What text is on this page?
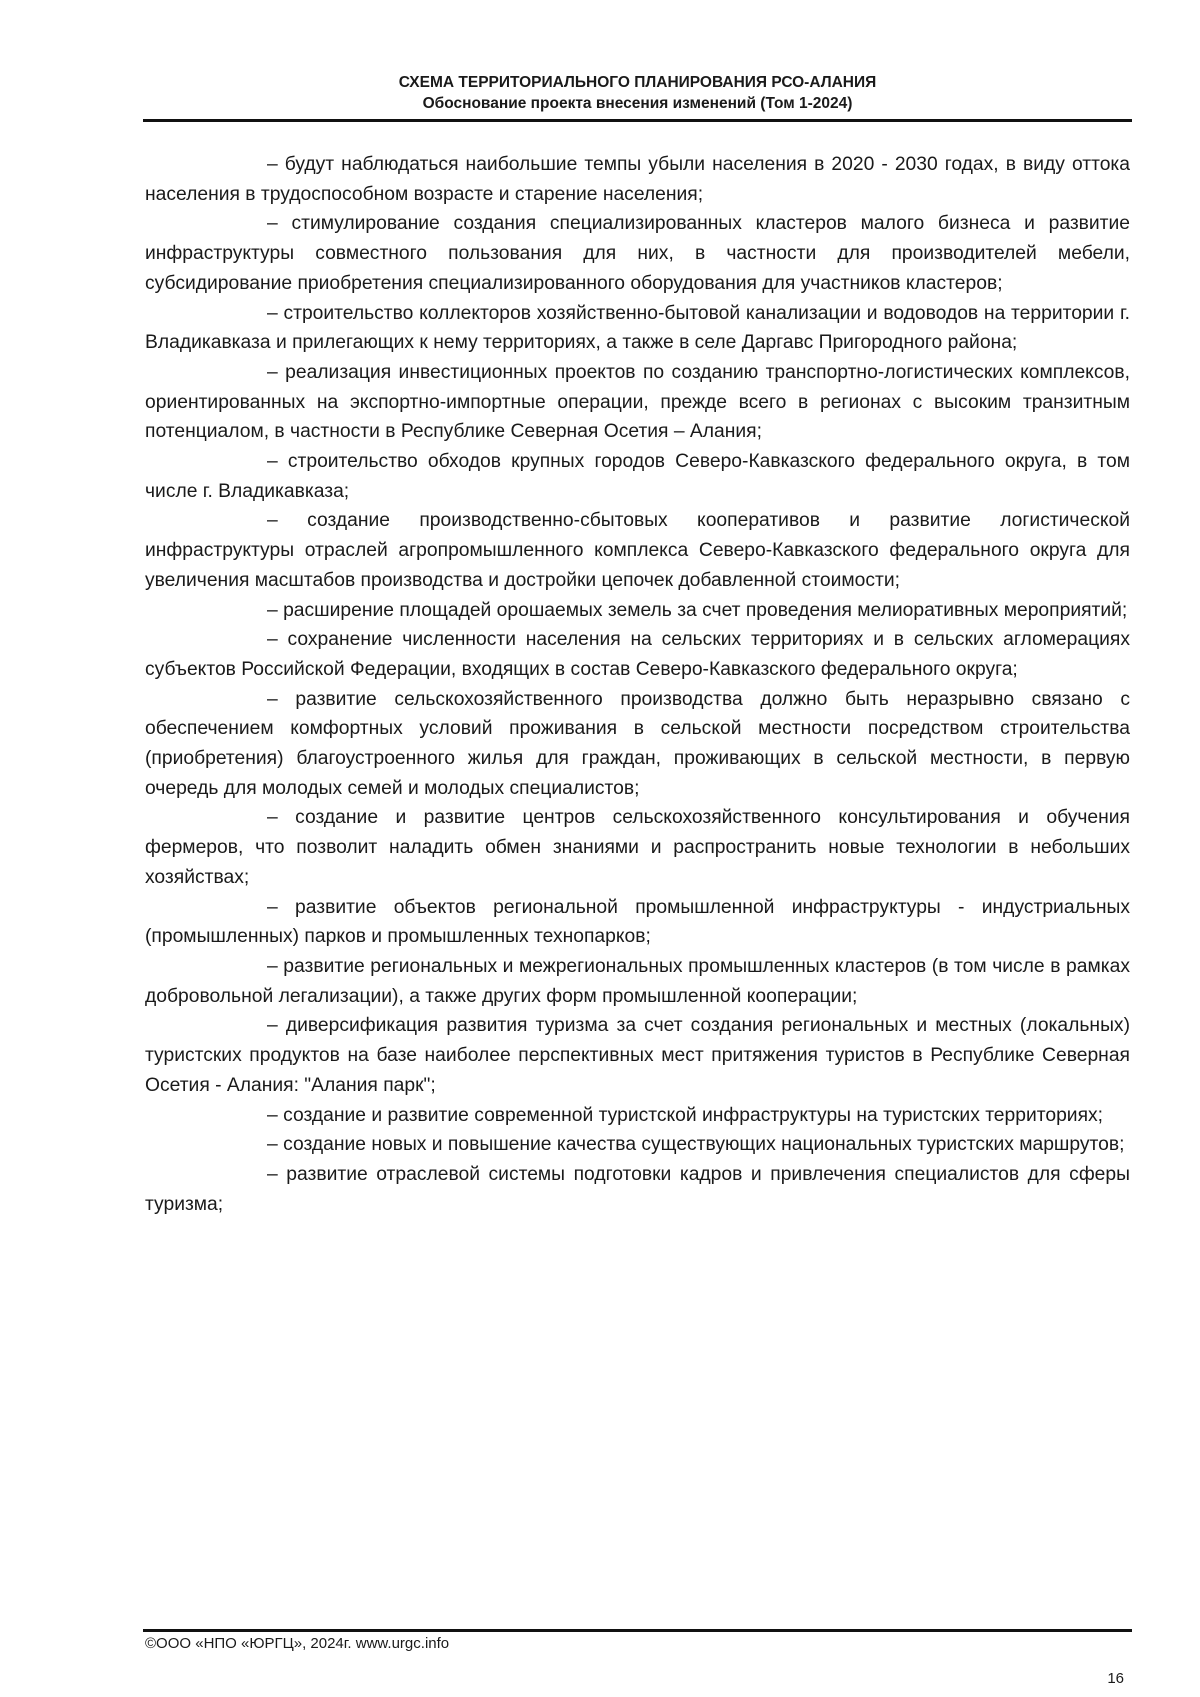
СХЕМА ТЕРРИТОРИАЛЬНОГО ПЛАНИРОВАНИЯ РСО-АЛАНИЯ
Обоснование проекта внесения изменений (Том 1-2024)

– будут наблюдаться наибольшие темпы убыли населения в 2020 - 2030 годах, в виду оттока населения в трудоспособном возрасте и старение населения;

– стимулирование создания специализированных кластеров малого бизнеса и развитие инфраструктуры совместного пользования для них, в частности для производителей мебели, субсидирование приобретения специализированного оборудования для участников кластеров;

– строительство коллекторов хозяйственно-бытовой канализации и водоводов на территории г. Владикавказа и прилегающих к нему территориях, а также в селе Даргавс Пригородного района;

– реализация инвестиционных проектов по созданию транспортно-логистических комплексов, ориентированных на экспортно-импортные операции, прежде всего в регионах с высоким транзитным потенциалом, в частности в Республике Северная Осетия – Алания;

– строительство обходов крупных городов Северо-Кавказского федерального округа, в том числе г. Владикавказа;

– создание производственно-сбытовых кооперативов и развитие логистической инфраструктуры отраслей агропромышленного комплекса Северо-Кавказского федерального округа для увеличения масштабов производства и достройки цепочек добавленной стоимости;

– расширение площадей орошаемых земель за счет проведения мелиоративных мероприятий;

– сохранение численности населения на сельских территориях и в сельских агломерациях субъектов Российской Федерации, входящих в состав Северо-Кавказского федерального округа;

– развитие сельскохозяйственного производства должно быть неразрывно связано с обеспечением комфортных условий проживания в сельской местности посредством строительства (приобретения) благоустроенного жилья для граждан, проживающих в сельской местности, в первую очередь для молодых семей и молодых специалистов;

– создание и развитие центров сельскохозяйственного консультирования и обучения фермеров, что позволит наладить обмен знаниями и распространить новые технологии в небольших хозяйствах;

– развитие объектов региональной промышленной инфраструктуры - индустриальных (промышленных) парков и промышленных технопарков;

– развитие региональных и межрегиональных промышленных кластеров (в том числе в рамках добровольной легализации), а также других форм промышленной кооперации;

– диверсификация развития туризма за счет создания региональных и местных (локальных) туристских продуктов на базе наиболее перспективных мест притяжения туристов в Республике Северная Осетия - Алания: "Алания парк";

– создание и развитие современной туристской инфраструктуры на туристских территориях;

– создание новых и повышение качества существующих национальных туристских маршрутов;

– развитие отраслевой системы подготовки кадров и привлечения специалистов для сферы туризма;

©ООО «НПО «ЮРГЦ», 2024г. www.urgc.info
16
